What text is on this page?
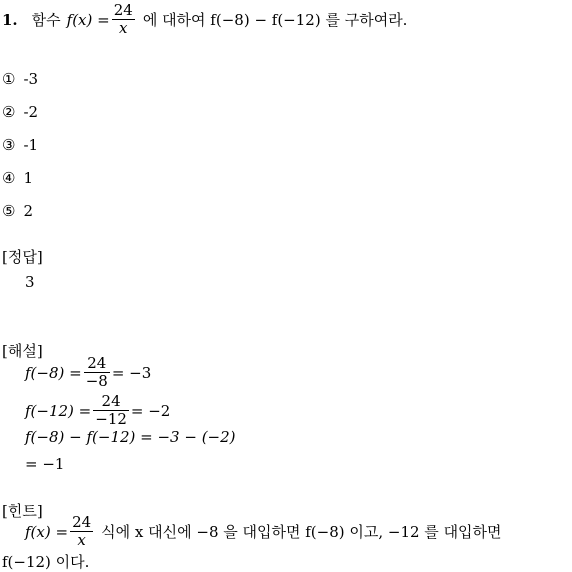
1. 함수 $f(x) = \frac{24}{x}$ 에 대하여 f(−8) − f(−12) 를 구하여라.
① -3
② -2
③ -1
④ 1
⑤ 2
[정답]
3
[해설]
$f(-8) = \frac{24}{-8} = -3$
$f(-12) = \frac{24}{-12} = -2$
f(−8) − f(−12) = −3 − (−2)
= −1
[힌트]
$f(x) = \frac{24}{x}$ 식에 x 대신에 −8 을 대입하면 f(−8) 이고, −12 를 대입하면
f(−12) 이다.
